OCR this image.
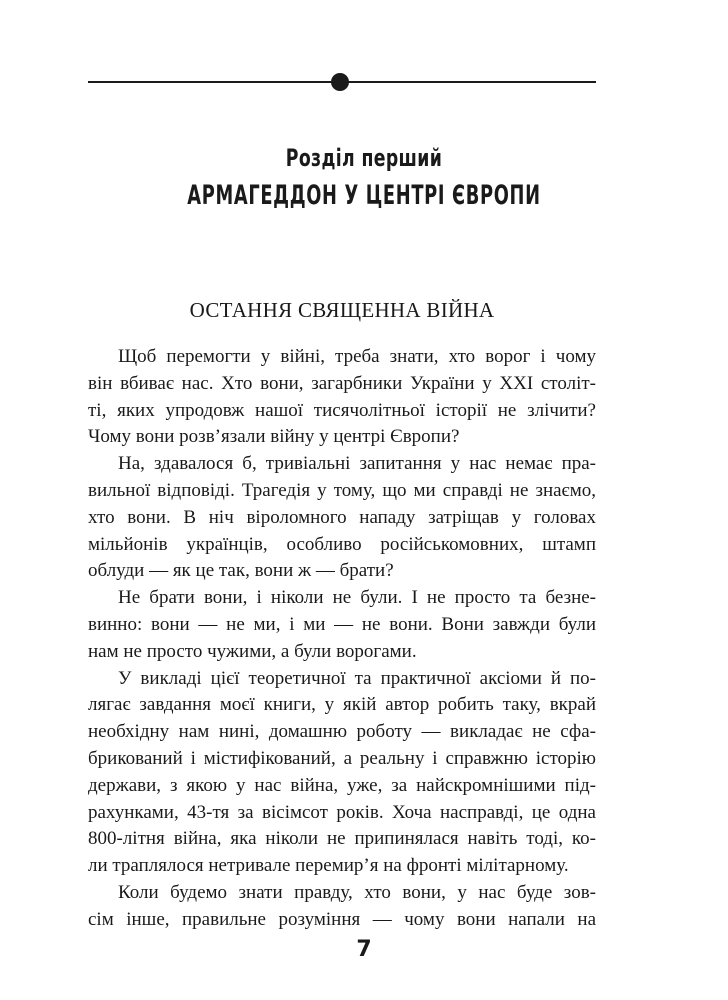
Розділ перший
АРМАГЕДДОН У ЦЕНТРІ ЄВРОПИ
ОСТАННЯ СВЯЩЕННА ВІЙНА
Щоб перемогти у війні, треба знати, хто ворог і чому
він вбиває нас. Хто вони, загарбники України у ХХІ століт-
ті, яких упродовж нашої тисячолітньої історії не злічити?
Чому вони розв’язали війну у центрі Європи?
На, здавалося б, тривіальні запитання у нас немає пра-
вильної відповіді. Трагедія у тому, що ми справді не знаємо,
хто вони. В ніч віроломного нападу затріщав у головах
мільйонів українців, особливо російськомовних, штамп
облуди — як це так, вони ж — брати?
Не брати вони, і ніколи не були. І не просто та безне-
винно: вони — не ми, і ми — не вони. Вони завжди були
нам не просто чужими, а були ворогами.
У викладі цієї теоретичної та практичної аксіоми й по-
лягає завдання моєї книги, у якій автор робить таку, вкрай
необхідну нам нині, домашню роботу — викладає не сфа-
брикований і містифікований, а реальну і справжню історію
держави, з якою у нас війна, уже, за найскромнішими під-
рахунками, 43-тя за вісімсот років. Хоча насправді, це одна
800-літня війна, яка ніколи не припинялася навіть тоді, ко-
ли траплялося нетривале перемир’я на фронті мілітарному.
Коли будемо знати правду, хто вони, у нас буде зов-
сім інше, правильне розуміння — чому вони напали на
7
